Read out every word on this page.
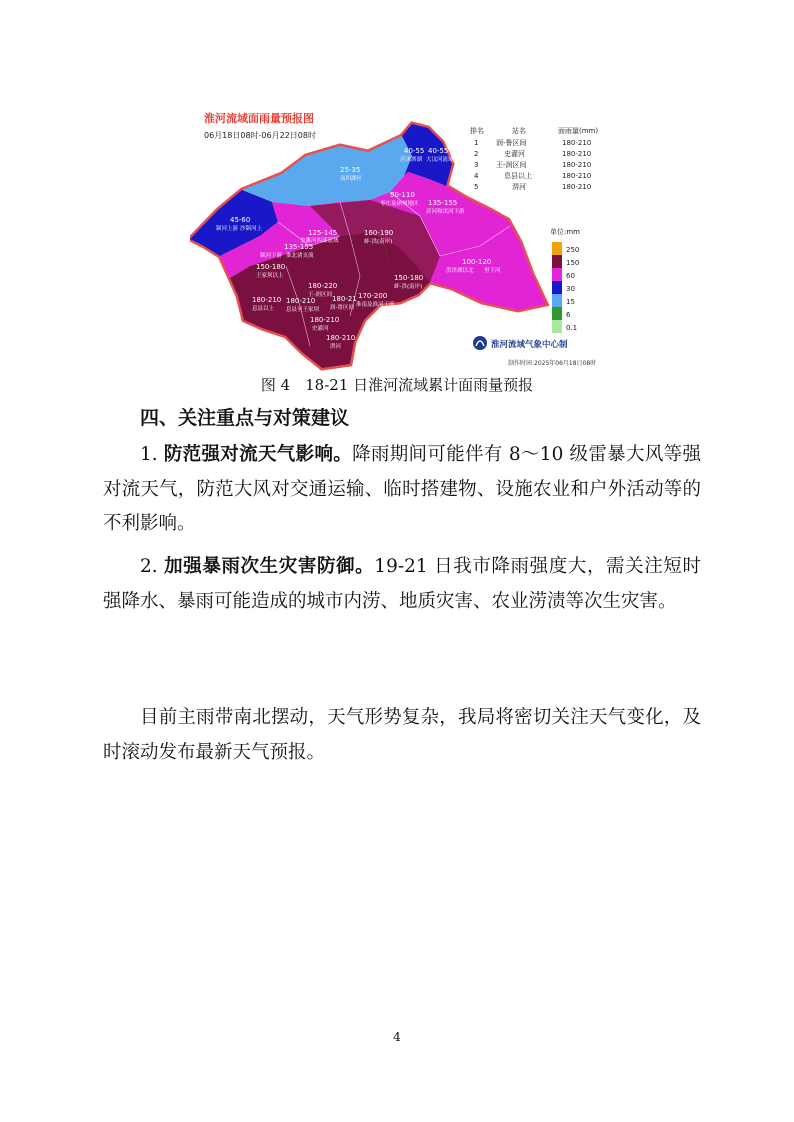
淮河流域面雨量预报图
06月18日08时-06月22日08时
40-55 40-55
沂沭泗湖 大汶河流域
25-35
南四湖区
90-110
枣庄及徐州地区 135-155
沂河和沭河下游
45-60
颍河上游 沙颍河上	125-145
奎濉河西部流域
160-190
蚌-洪(南岸)
135-155
颍河下游 淮北诸支流
150-180
王家坝以上
100-120
洪泽湖以北 里下河
150-180
蚌-洪(南岸)
180-220
王-润区间
180-210
息县以上
180-210
息县至王家坝
180-21
润-鲁区间
170-200
淮南及淮河干流
180-210
史灌河
180-210
淠河
排名	站名	面雨量(mm)
1	润-鲁区间	180-210
2	史灌河	180-210
3	王-润区间	180-210
4	息县以上	180-210
5	淠河	180-210
单位:mm
250
150
60
30
15
6
0.1
淮河流域气象中心制
制作时间:2025年06月18日08时
图 4　18-21 日淮河流域累计面雨量预报
四、关注重点与对策建议
1. 防范强对流天气影响。降雨期间可能伴有 8～10 级雷暴大风等强对流天气，防范大风对交通运输、临时搭建物、设施农业和户外活动等的不利影响。
2. 加强暴雨次生灾害防御。19-21 日我市降雨强度大，需关注短时强降水、暴雨可能造成的城市内涝、地质灾害、农业涝渍等次生灾害。
目前主雨带南北摆动，天气形势复杂，我局将密切关注天气变化，及时滚动发布最新天气预报。
4
